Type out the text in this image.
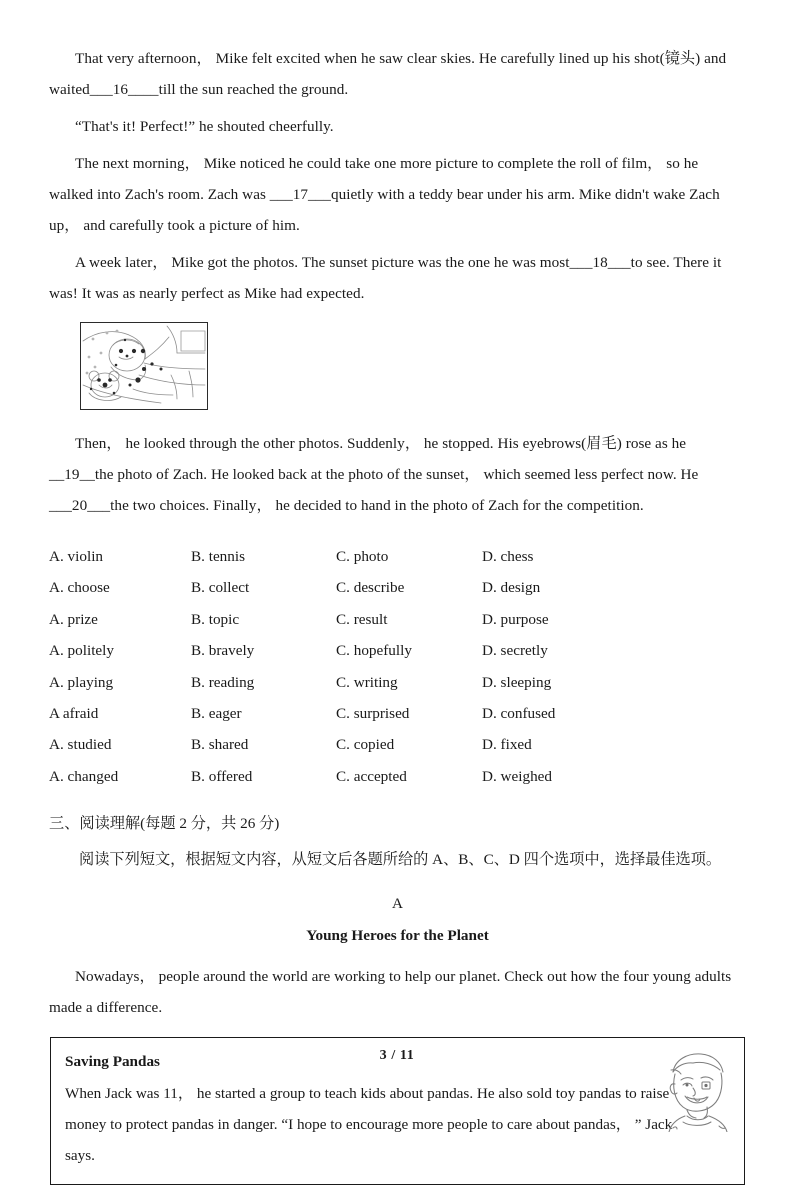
That very afternoon， Mike felt excited when he saw clear skies. He carefully lined up his shot(镜头) and waited___16____till the sun reached the ground.

“That's it! Perfect!” he shouted cheerfully.

The next morning， Mike noticed he could take one more picture to complete the roll of film， so he walked into Zach's room. Zach was ___17___quietly with a teddy bear under his arm. Mike didn't wake Zach up， and carefully took a picture of him.

A week later， Mike got the photos. The sunset picture was the one he was most___18___to see. There it was! It was as nearly perfect as Mike had expected.

Then， he looked through the other photos. Suddenly， he stopped. His eyebrows(眉毛) rose as he __19__the photo of Zach. He looked back at the photo of the sunset， which seemed less perfect now. He ___20___the two choices. Finally， he decided to hand in the photo of Zach for the competition.

A. violin	B. tennis	C. photo	D. chess
A. choose	B. collect	C. describe	D. design
A. prize	B. topic	C. result	D. purpose
A. politely	B. bravely	C. hopefully	D. secretly
A. playing	B. reading	C. writing	D. sleeping
A afraid	B. eager	C. surprised	D. confused
A. studied	B. shared	C. copied	D. fixed
A. changed	B. offered	C. accepted	D. weighed
三、阅读理解(每题 2 分，共 26 分)
阅读下列短文，根据短文内容，从短文后各题所给的 A、B、C、D 四个选项中，选择最佳选项。
A
Young Heroes for the Planet

Nowadays， people around the world are working to help our planet. Check out how the four young adults made a difference.

Saving Pandas
When Jack was 11， he started a group to teach kids about pandas. He also sold toy pandas to raise money to protect pandas in danger. “I hope to encourage more people to care about pandas， ” Jack says.
3 / 11
